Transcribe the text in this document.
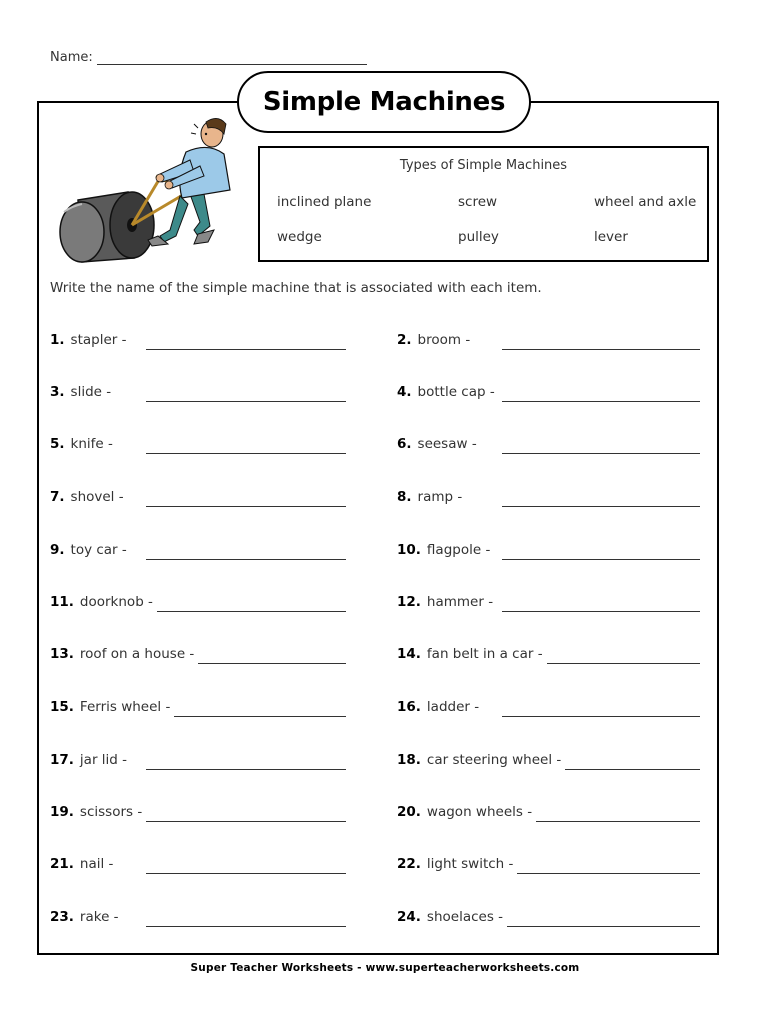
Name:
Simple Machines
Types of Simple Machines
inclined plane	screw	wheel and axle
wedge	pulley	lever
Write the name of the simple machine that is associated with each item.
1. stapler -	2. broom -
3. slide -	4. bottle cap -
5. knife -	6. seesaw -
7. shovel -	8. ramp -
9. toy car -	10. flagpole -
11. doorknob -	12. hammer -
13. roof on a house -	14. fan belt in a car -
15. Ferris wheel -	16. ladder -
17. jar lid -	18. car steering wheel -
19. scissors -	20. wagon wheels -
21. nail -	22. light switch -
23. rake -	24. shoelaces -
Super Teacher Worksheets - www.superteacherworksheets.com
